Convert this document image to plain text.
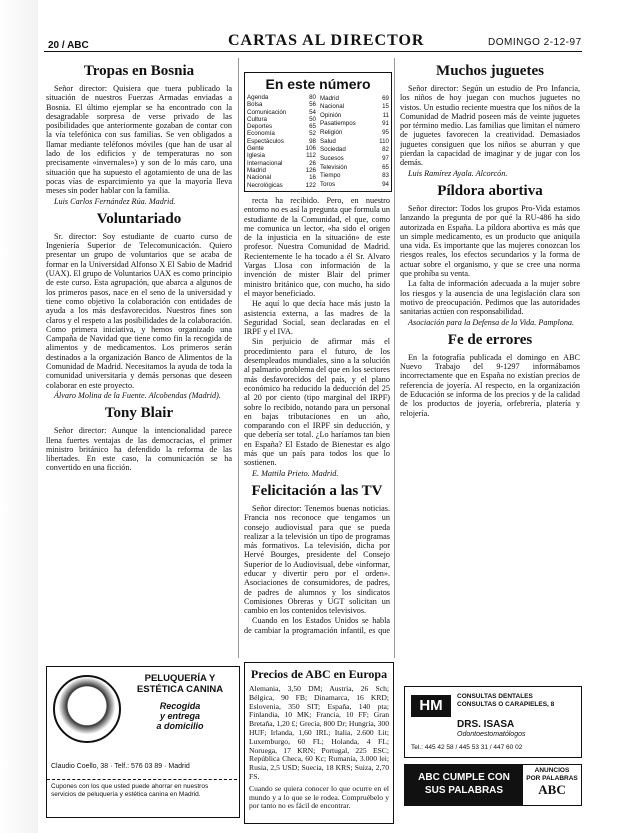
20 / ABC	CARTAS AL DIRECTOR	DOMINGO 2-12-97
Tropas en Bosnia

Señor director: Quisiera que tuera publicado la situación de nuestros Fuerzas Armadas enviadas a Bosnia. El último ejemplar se ha encontrado con la desagradable sorpresa de verse privado de las posibilidades que anteriormente gozaban de contar con la vía telefónica con sus familias. Se ven obligados a llamar mediante teléfonos móviles (que han de usar al lado de los edificios y de temperaturas no son precisamente «invernales») y son de lo más caro, una situación que ha supuesto el agotamiento de una de las pocas vías de esparcimiento ya que la mayoría lleva meses sin poder hablar con la familia.

Luis Carlos Fernández Rúa. Madrid.

Voluntariado

Sr. director: Soy estudiante de cuarto curso de Ingeniería Superior de Telecomunicación. Quiero presentar un grupo de voluntarios que se acaba de formar en la Universidad Alfonso X El Sabio de Madrid (UAX). El grupo de Voluntarios UAX es como principio de este curso. Esta agrupación, que abarca a algunos de los primeros pasos, nace en el seno de la universidad y tiene como objetivo la colaboración con entidades de ayuda a los más desfavorecidos. Nuestros fines son claros y el respeto a las posibilidades de la colaboración. Como primera iniciativa, y hemos organizado una Campaña de Navidad que tiene como fin la recogida de alimentos y de medicamentos. Los primeros serán destinados a la organización Banco de Alimentos de la Comunidad de Madrid. Necesitamos la ayuda de toda la comunidad universitaria y demás personas que deseen colaborar en este proyecto.

Álvaro Molina de la Fuente. Alcobendas (Madrid).

Tony Blair

Señor director: Aunque la intencionalidad parece llena fuertes ventajas de las democracias, el primer ministro británico ha defendido la reforma de las libertades. En este caso, la comunicación se ha convertido en una ficción.

En este número
Agenda	80
Bolsa	56
Comunicación	54
Cultura	50
Deportes	65
Economía	52
Espectáculos	98
Gente	106
Iglesia	112
Internacional	26
Madrid	126
Nacional	16
Necrológicas	122
Madrid	69
Nacional	15
Opinión	11
Pasatiempos	91
Religión	95
Salud	110
Sociedad	82
Sucesos	97
Televisión	65
Tiempo	83
Toros	94

recta ha recibido. Pero, en nuestro entorno no es así la pregunta que formula un estudiante de la Comunidad, el que, como me comunica un lector, «ha sido el origen de la injusticia en la situación» de este profesor. Nuestra Comunidad de Madrid. Recientemente le ha tocado a él Sr. Alvaro Vargas Llosa con información de la invención de mister Blair del primer ministro británico que, con mucho, ha sido el mayor beneficiado.

He aquí lo que decía hace más justo la asistencia externa, a las madres de la Seguridad Social, sean declaradas en el IRPF y el IVA.

Sin perjuicio de afirmar más el procedimiento para el futuro, de los desempleados mundiales, sino a la solución al palmario problema del que en los sectores más desfavorecidos del país, y el plano económico ha reducido la deducción del 25 al 20 por ciento (tipo marginal del IRPF) sobre lo recibido, notando para un personal en bajas tributaciones en un año, comparando con el IRPF sin deducción, y que debería ser total. ¿Lo haríamos tan bien en España? El Estado de Bienestar es algo más que un país para todos los que lo sostienen.

E. Mattila Prieto. Madrid.

Felicitación a las TV

Señor director: Tenemos buenas noticias. Francia nos reconoce que tengamos un consejo audiovisual para que se pueda realizar a la televisión un tipo de programas más formativos. La televisión, dicha por Hervé Bourges, presidente del Consejo Superior de lo Audiovisual, debe «informar, educar y divertir pero por el orden». Asociaciones de consumidores, de padres, de padres de alumnos y los sindicatos Comisiones Obreras y UGT solicitan un cambio en los contenidos televisivos.

Cuando en los Estados Unidos se habla de cambiar la programación infantil, es que

Muchos juguetes

Señor director: Según un estudio de Pro Infancia, los niños de hoy juegan con muchos juguetes no vistos. Un estudio reciente muestra que los niños de la Comunidad de Madrid poseen más de veinte juguetes por término medio. Las familias que limitan el número de juguetes favorecen la creatividad. Demasiados juguetes consiguen que los niños se aburran y que pierdan la capacidad de imaginar y de jugar con los demás.

Luis Ramírez Ayala. Alcorcón.

Píldora abortiva

Señor director: Todos los grupos Pro-Vida estamos lanzando la pregunta de por qué la RU-486 ha sido autorizada en España. La píldora abortiva es más que un simple medicamento, es un producto que aniquila una vida. Es importante que las mujeres conozcan los riesgos reales, los efectos secundarios y la forma de actuar sobre el organismo, y que se cree una norma que prohíba su venta.

La falta de información adecuada a la mujer sobre los riesgos y la ausencia de una legislación clara son motivo de preocupación. Pedimos que las autoridades sanitarias actúen con responsabilidad.

Asociación para la Defensa de la Vida. Pamplona.

Fe de errores

En la fotografía publicada el domingo en ABC Nuevo Trabajo del 9-1297 informábamos incorrectamente que en España no existían precios de referencia de joyería. Al respecto, en la organización de Educación se informa de los precios y de la calidad de los productos de joyería, orfebrería, platería y relojería.

Precios de ABC en Europa
Alemania, 3,50 DM; Austria, 26 Sch; Bélgica, 90 FB; Dinamarca, 16 KRD; Eslovenia, 350 SIT; España, 140 pta; Finlandia, 10 MK; Francia, 10 FF; Gran Bretaña, 1,20 £; Grecia, 800 Dr; Hungría, 300 HUF; Irlanda, 1,60 IRL; Italia, 2.600 Lit; Luxemburgo, 60 FL; Holanda, 4 FL; Noruega, 17 KRN; Portugal, 225 ESC; República Checa, 60 Kc; Rumanía, 3.000 lei; Rusia, 2,5 USD; Suecia, 18 KRS; Suiza, 2,70 FS.
Cuando se quiera conocer lo que ocurre en el mundo y a lo que se le rodea. Compruébelo y por tanto no es fácil de encontrar.
PELUQUERÍA Y
ESTÉTICA CANINA
Recogida
y entrega
a domicilio
Claudio Coello, 38 · Telf.: 576 03 89 · Madrid
Cupones con los que usted puede ahorrar en nuestros servicios de peluquería y estética canina en Madrid.
HM
CONSULTAS DENTALES
CONSULTAS O CARAPIELES, 8
DRS. ISASA
Odontoestomatólogos
Tel.: 445 42 58 / 445 53 31 / 447 60 02
ABC CUMPLE CON
SUS PALABRAS
ANUNCIOS
POR PALABRAS
ABC
